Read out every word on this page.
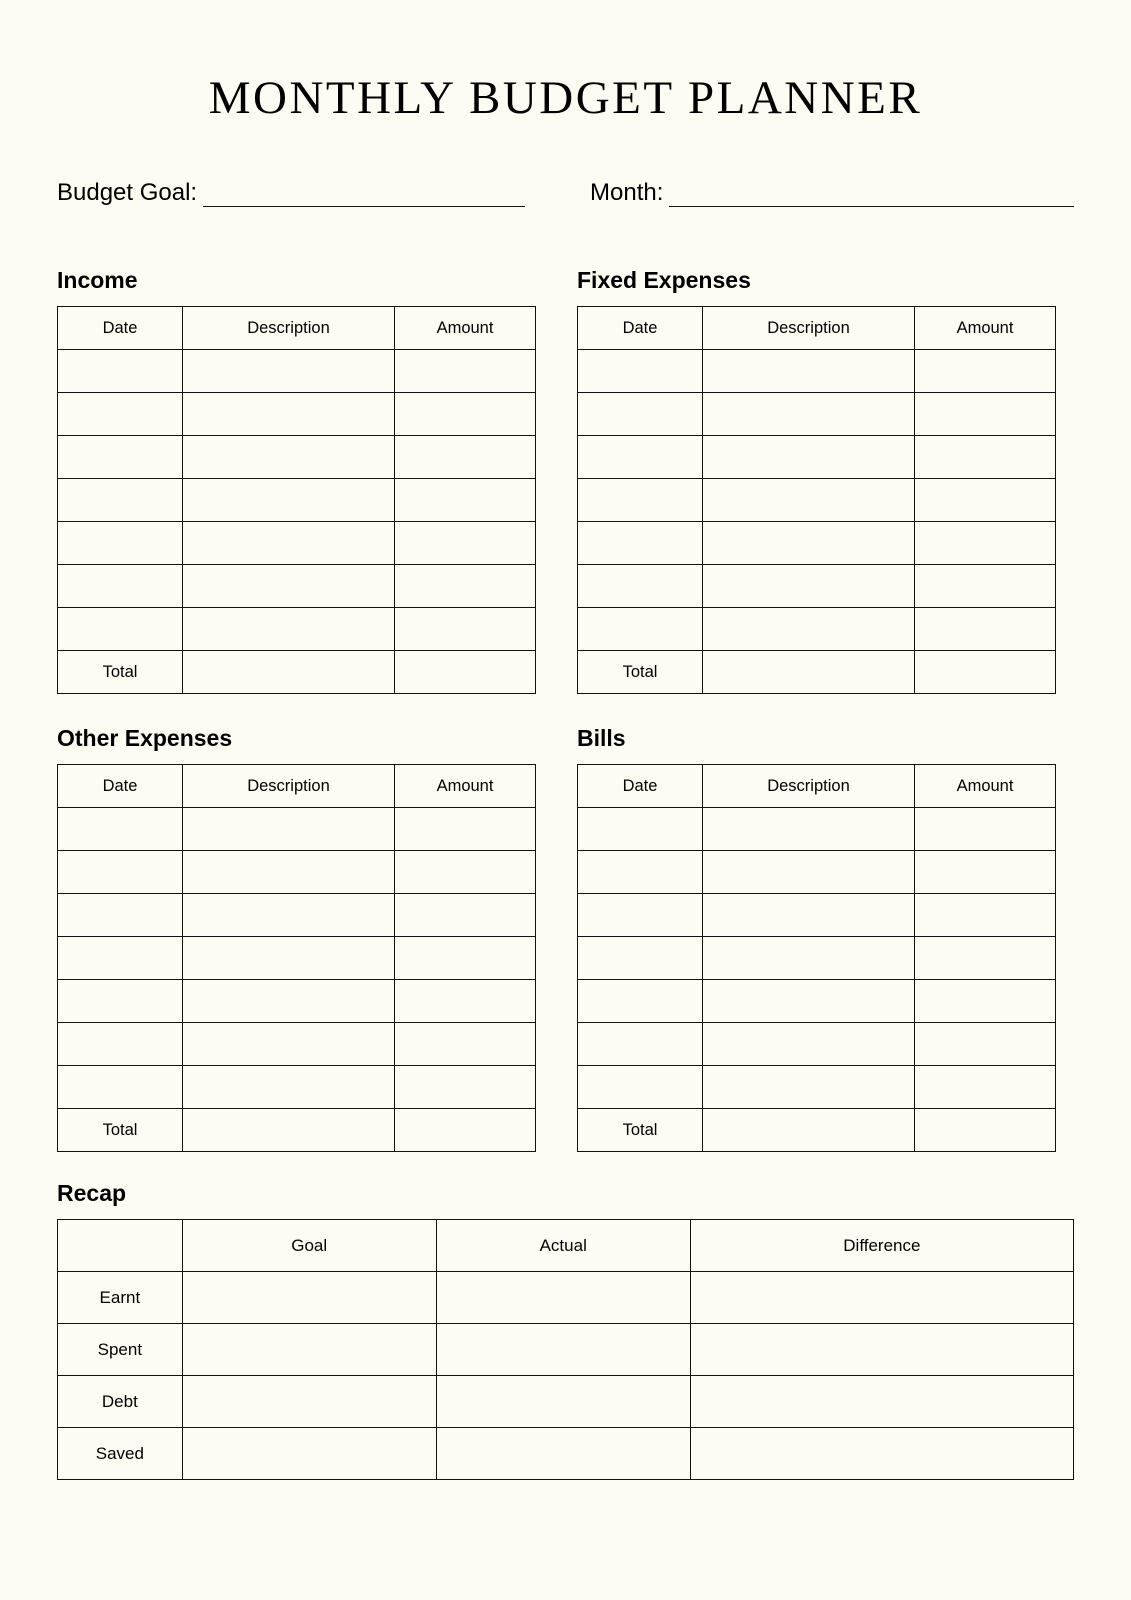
MONTHLY BUDGET PLANNER
Budget Goal:	Month:
Income
Date	Description	Amount

Total		
Other Expenses
Date	Description	Amount

Total		
Fixed Expenses
Date	Description	Amount

Total		
Bills
Date	Description	Amount

Total		
Recap
	Goal	Actual	Difference
Earnt			
Spent			
Debt			
Saved			
